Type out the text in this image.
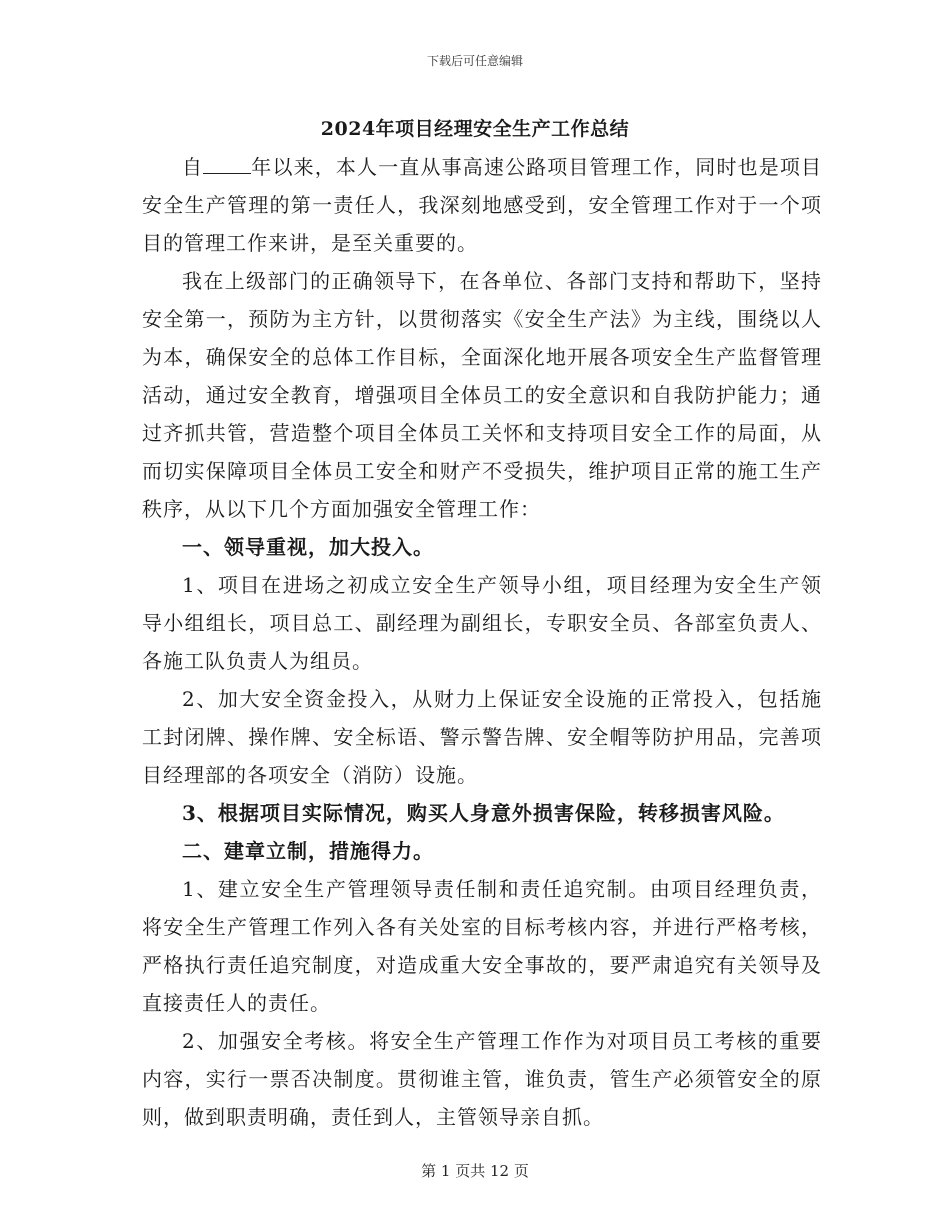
下载后可任意编辑
2024年项目经理安全生产工作总结

自 年以来，本人一直从事高速公路项目管理工作，同时也是项目安全生产管理的第一责任人，我深刻地感受到，安全管理工作对于一个项目的管理工作来讲，是至关重要的。

我在上级部门的正确领导下，在各单位、各部门支持和帮助下，坚持安全第一，预防为主方针，以贯彻落实《安全生产法》为主线，围绕以人为本，确保安全的总体工作目标，全面深化地开展各项安全生产监督管理活动，通过安全教育，增强项目全体员工的安全意识和自我防护能力；通过齐抓共管，营造整个项目全体员工关怀和支持项目安全工作的局面，从而切实保障项目全体员工安全和财产不受损失，维护项目正常的施工生产秩序，从以下几个方面加强安全管理工作：

一、领导重视，加大投入。

1、项目在进场之初成立安全生产领导小组，项目经理为安全生产领导小组组长，项目总工、副经理为副组长，专职安全员、各部室负责人、各施工队负责人为组员。

2、加大安全资金投入，从财力上保证安全设施的正常投入，包括施工封闭牌、操作牌、安全标语、警示警告牌、安全帽等防护用品，完善项目经理部的各项安全（消防）设施。

3、根据项目实际情况，购买人身意外损害保险，转移损害风险。

二、建章立制，措施得力。

1、建立安全生产管理领导责任制和责任追究制。由项目经理负责，将安全生产管理工作列入各有关处室的目标考核内容，并进行严格考核，严格执行责任追究制度，对造成重大安全事故的，要严肃追究有关领导及直接责任人的责任。

2、加强安全考核。将安全生产管理工作作为对项目员工考核的重要内容，实行一票否决制度。贯彻谁主管，谁负责，管生产必须管安全的原则，做到职责明确，责任到人，主管领导亲自抓。

第 1 页共 12 页
